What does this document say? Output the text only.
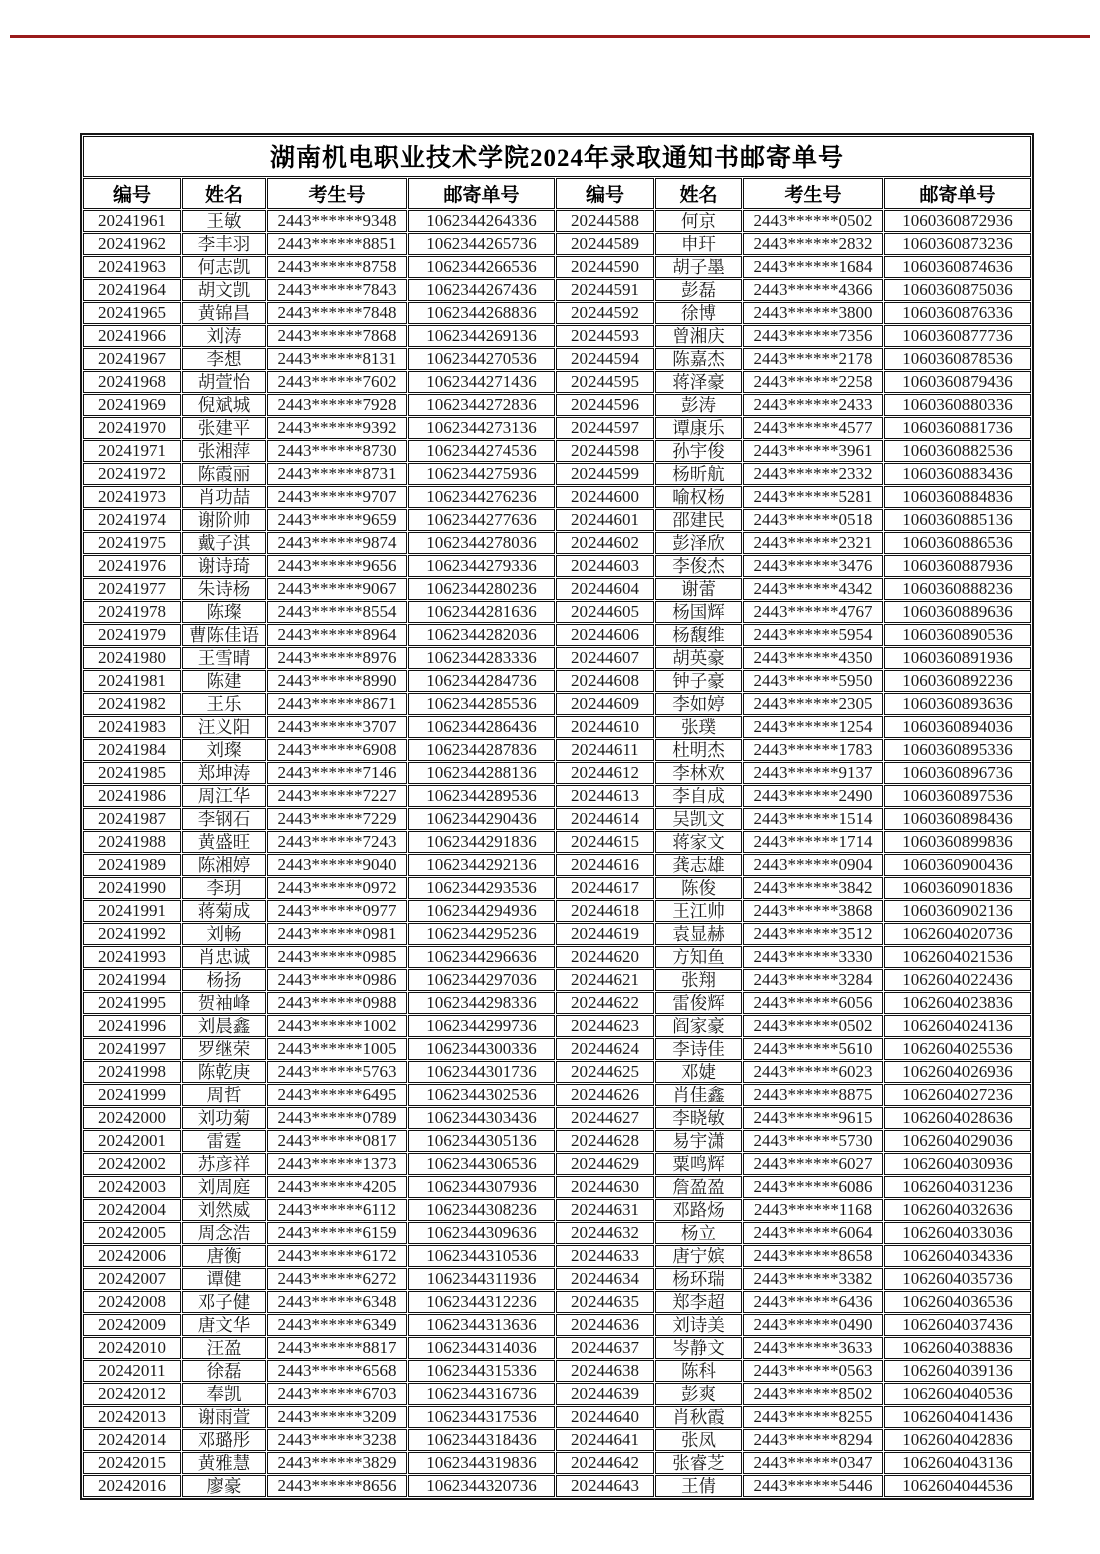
湖南机电职业技术学院2024年录取通知书邮寄单号							
编号	姓名	考生号	邮寄单号	编号	姓名	考生号	邮寄单号
20241961	王敏	2443******9348	1062344264336	20244588	何京	2443******0502	1060360872936
20241962	李丰羽	2443******8851	1062344265736	20244589	申玕	2443******2832	1060360873236
20241963	何志凯	2443******8758	1062344266536	20244590	胡子墨	2443******1684	1060360874636
20241964	胡文凯	2443******7843	1062344267436	20244591	彭磊	2443******4366	1060360875036
20241965	黄锦昌	2443******7848	1062344268836	20244592	徐博	2443******3800	1060360876336
20241966	刘涛	2443******7868	1062344269136	20244593	曾湘庆	2443******7356	1060360877736
20241967	李想	2443******8131	1062344270536	20244594	陈嘉杰	2443******2178	1060360878536
20241968	胡萱怡	2443******7602	1062344271436	20244595	蒋泽豪	2443******2258	1060360879436
20241969	倪斌城	2443******7928	1062344272836	20244596	彭涛	2443******2433	1060360880336
20241970	张建平	2443******9392	1062344273136	20244597	谭康乐	2443******4577	1060360881736
20241971	张湘萍	2443******8730	1062344274536	20244598	孙宇俊	2443******3961	1060360882536
20241972	陈霞丽	2443******8731	1062344275936	20244599	杨昕航	2443******2332	1060360883436
20241973	肖功喆	2443******9707	1062344276236	20244600	喻权杨	2443******5281	1060360884836
20241974	谢阶帅	2443******9659	1062344277636	20244601	邵建民	2443******0518	1060360885136
20241975	戴子淇	2443******9874	1062344278036	20244602	彭泽欣	2443******2321	1060360886536
20241976	谢诗琦	2443******9656	1062344279336	20244603	李俊杰	2443******3476	1060360887936
20241977	朱诗杨	2443******9067	1062344280236	20244604	谢蕾	2443******4342	1060360888236
20241978	陈璨	2443******8554	1062344281636	20244605	杨国辉	2443******4767	1060360889636
20241979	曹陈佳语	2443******8964	1062344282036	20244606	杨馥维	2443******5954	1060360890536
20241980	王雪晴	2443******8976	1062344283336	20244607	胡英豪	2443******4350	1060360891936
20241981	陈建	2443******8990	1062344284736	20244608	钟子豪	2443******5950	1060360892236
20241982	王乐	2443******8671	1062344285536	20244609	李如婷	2443******2305	1060360893636
20241983	汪义阳	2443******3707	1062344286436	20244610	张璞	2443******1254	1060360894036
20241984	刘璨	2443******6908	1062344287836	20244611	杜明杰	2443******1783	1060360895336
20241985	郑坤涛	2443******7146	1062344288136	20244612	李林欢	2443******9137	1060360896736
20241986	周江华	2443******7227	1062344289536	20244613	李自成	2443******2490	1060360897536
20241987	李钢石	2443******7229	1062344290436	20244614	吴凯文	2443******1514	1060360898436
20241988	黄盛旺	2443******7243	1062344291836	20244615	蒋家文	2443******1714	1060360899836
20241989	陈湘婷	2443******9040	1062344292136	20244616	龚志雄	2443******0904	1060360900436
20241990	李玥	2443******0972	1062344293536	20244617	陈俊	2443******3842	1060360901836
20241991	蒋菊成	2443******0977	1062344294936	20244618	王江帅	2443******3868	1060360902136
20241992	刘畅	2443******0981	1062344295236	20244619	袁显赫	2443******3512	1062604020736
20241993	肖忠诚	2443******0985	1062344296636	20244620	方知鱼	2443******3330	1062604021536
20241994	杨扬	2443******0986	1062344297036	20244621	张翔	2443******3284	1062604022436
20241995	贺袖峰	2443******0988	1062344298336	20244622	雷俊辉	2443******6056	1062604023836
20241996	刘晨鑫	2443******1002	1062344299736	20244623	阎家豪	2443******0502	1062604024136
20241997	罗继荣	2443******1005	1062344300336	20244624	李诗佳	2443******5610	1062604025536
20241998	陈乾庚	2443******5763	1062344301736	20244625	邓婕	2443******6023	1062604026936
20241999	周哲	2443******6495	1062344302536	20244626	肖佳鑫	2443******8875	1062604027236
20242000	刘功菊	2443******0789	1062344303436	20244627	李晓敏	2443******9615	1062604028636
20242001	雷霆	2443******0817	1062344305136	20244628	易宇潇	2443******5730	1062604029036
20242002	苏彦祥	2443******1373	1062344306536	20244629	粟鸣辉	2443******6027	1062604030936
20242003	刘周庭	2443******4205	1062344307936	20244630	詹盈盈	2443******6086	1062604031236
20242004	刘然威	2443******6112	1062344308236	20244631	邓路炀	2443******1168	1062604032636
20242005	周念浩	2443******6159	1062344309636	20244632	杨立	2443******6064	1062604033036
20242006	唐衡	2443******6172	1062344310536	20244633	唐宁嫔	2443******8658	1062604034336
20242007	谭健	2443******6272	1062344311936	20244634	杨环瑞	2443******3382	1062604035736
20242008	邓子健	2443******6348	1062344312236	20244635	郑李超	2443******6436	1062604036536
20242009	唐文华	2443******6349	1062344313636	20244636	刘诗美	2443******0490	1062604037436
20242010	汪盈	2443******8817	1062344314036	20244637	岑静文	2443******3633	1062604038836
20242011	徐磊	2443******6568	1062344315336	20244638	陈科	2443******0563	1062604039136
20242012	奉凯	2443******6703	1062344316736	20244639	彭爽	2443******8502	1062604040536
20242013	谢雨萱	2443******3209	1062344317536	20244640	肖秋霞	2443******8255	1062604041436
20242014	邓璐彤	2443******3238	1062344318436	20244641	张凤	2443******8294	1062604042836
20242015	黄雅慧	2443******3829	1062344319836	20244642	张睿芝	2443******0347	1062604043136
20242016	廖豪	2443******8656	1062344320736	20244643	王倩	2443******5446	1062604044536
